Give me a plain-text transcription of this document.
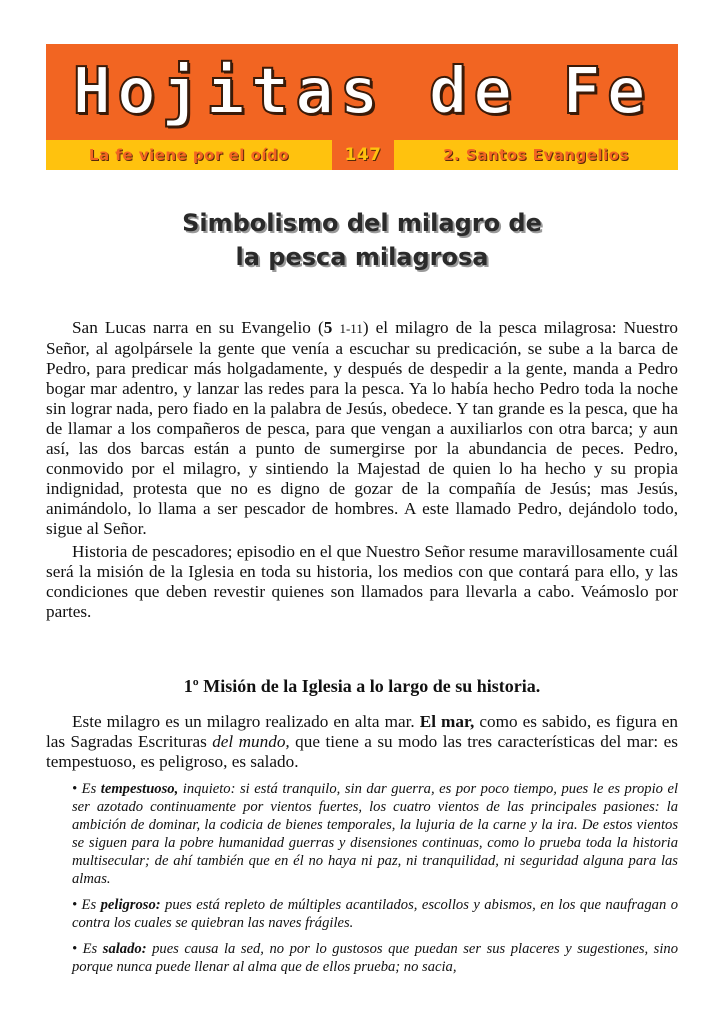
Hojitas de Fe
La fe viene por el oído	147	2. Santos Evangelios
Simbolismo del milagro de
la pesca milagrosa

San Lucas narra en su Evangelio (5 1-11) el milagro de la pesca milagrosa: Nuestro Señor, al agolpársele la gente que venía a escuchar su predicación, se sube a la barca de Pedro, para predicar más holgadamente, y después de despedir a la gente, manda a Pedro bogar mar adentro, y lanzar las redes para la pesca. Ya lo había hecho Pedro toda la noche sin lograr nada, pero fiado en la palabra de Jesús, obedece. Y tan grande es la pesca, que ha de llamar a los compañeros de pesca, para que vengan a auxiliarlos con otra barca; y aun así, las dos barcas están a punto de sumergirse por la abundancia de peces. Pedro, conmovido por el milagro, y sintiendo la Majestad de quien lo ha hecho y su propia indignidad, protesta que no es digno de gozar de la compañía de Jesús; mas Jesús, animándolo, lo llama a ser pescador de hombres. A este llamado Pedro, dejándolo todo, sigue al Señor.

Historia de pescadores; episodio en el que Nuestro Señor resume maravillosamente cuál será la misión de la Iglesia en toda su historia, los medios con que contará para ello, y las condiciones que deben revestir quienes son llamados para llevarla a cabo. Veámoslo por partes.

1º Misión de la Iglesia a lo largo de su historia.

Este milagro es un milagro realizado en alta mar. El mar, como es sabido, es figura en las Sagradas Escrituras del mundo, que tiene a su modo las tres características del mar: es tempestuoso, es peligroso, es salado.

• Es tempestuoso, inquieto: si está tranquilo, sin dar guerra, es por poco tiempo, pues le es propio el ser azotado continuamente por vientos fuertes, los cuatro vientos de las principales pasiones: la ambición de dominar, la codicia de bienes temporales, la lujuria de la carne y la ira. De estos vientos se siguen para la pobre humanidad guerras y disensiones continuas, como lo prueba toda la historia multisecular; de ahí también que en él no haya ni paz, ni tranquilidad, ni seguridad alguna para las almas.
• Es peligroso: pues está repleto de múltiples acantilados, escollos y abismos, en los que naufragan o contra los cuales se quiebran las naves frágiles.
• Es salado: pues causa la sed, no por lo gustosos que puedan ser sus placeres y sugestiones, sino porque nunca puede llenar al alma que de ellos prueba; no sacia,
